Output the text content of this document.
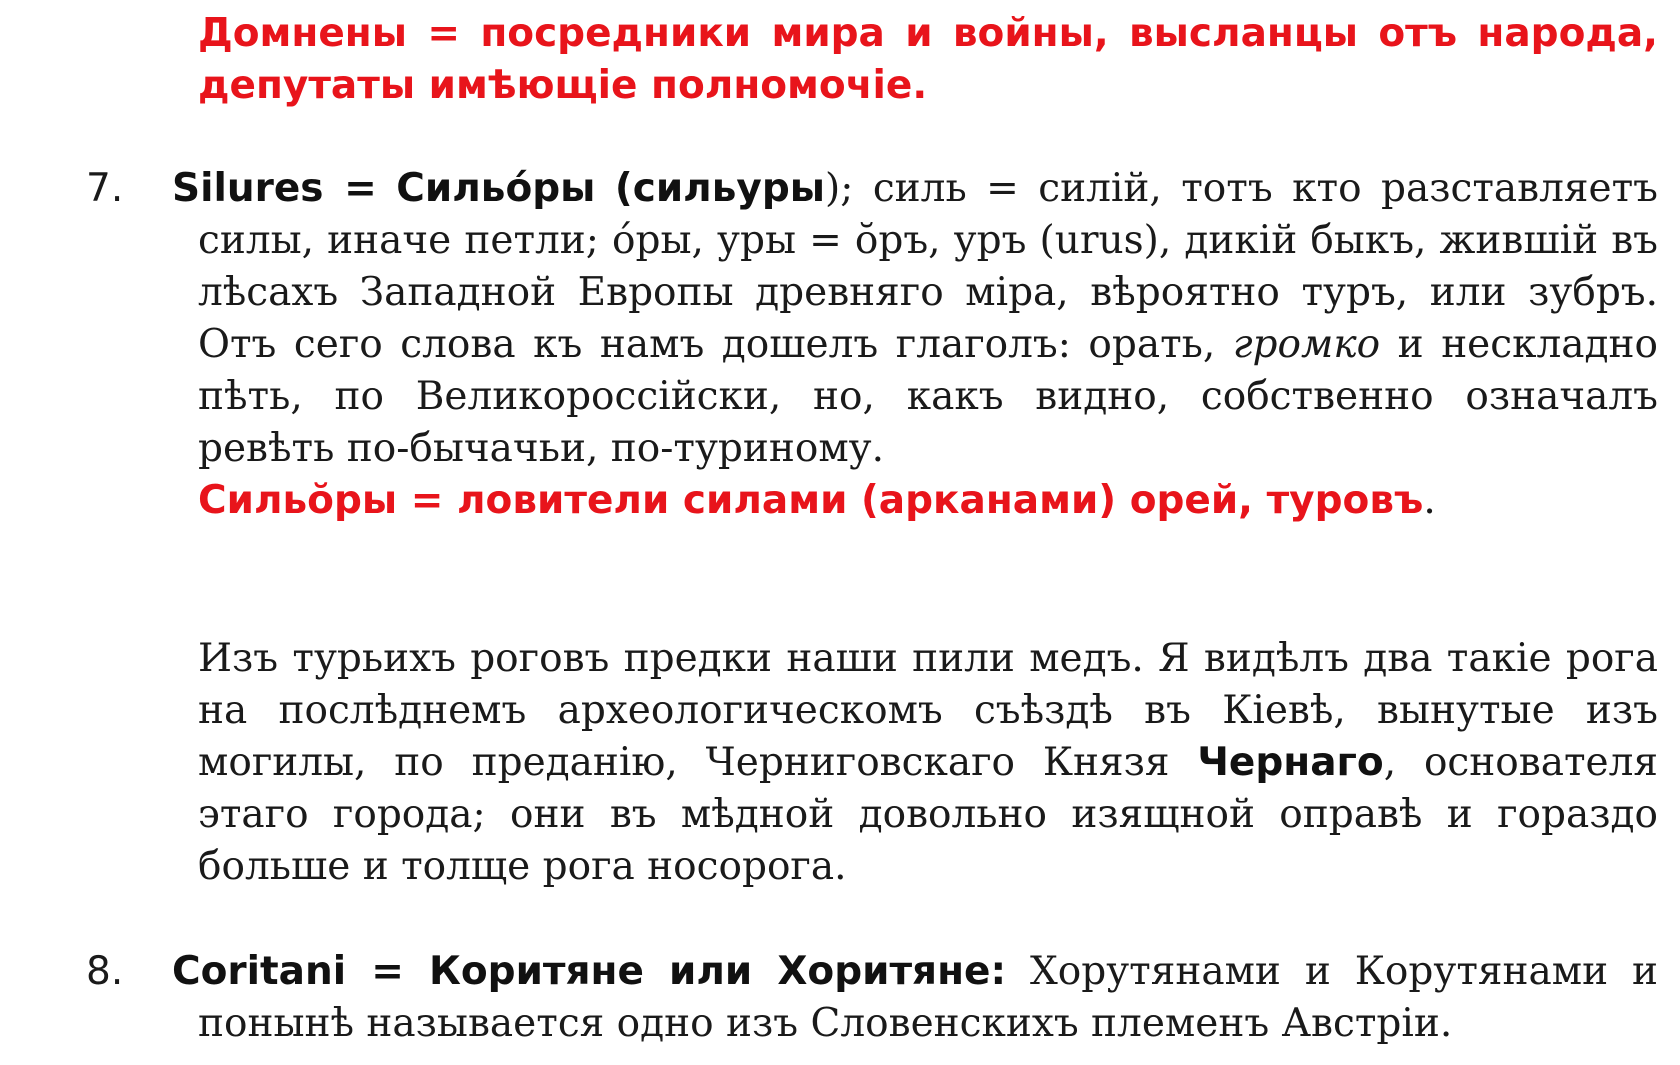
Домнены = посредники мира и войны, высланцы отъ народа, депутаты имѣющіе полномочіе.

7. Silures = Сильо́ры (сильуры); силь = силій, тотъ кто разставляетъ силы, иначе петли; о́ры, уры = о̆ръ, уръ (urus), дикій быкъ, жившій въ лѣсахъ Западной Европы древняго міра, вѣроятно туръ, или зубръ. Отъ сего слова къ намъ дошелъ глаголъ: орать, громко и нескладно пѣть, по Великороссійски, но, какъ видно, собственно означалъ ревѣть по-бычачьи, по-туриному.
Сильо̆ры = ловители силами (арканами) орей, туровъ.

Изъ турьихъ роговъ предки наши пили медъ. Я видѣлъ два такіе рога на послѣднемъ археологическомъ съѣздѣ въ Кіевѣ, вынутые изъ могилы, по преданію, Черниговскаго Князя Чернаго, основателя этаго города; они въ мѣдной довольно изящной оправѣ и гораздо больше и толще рога носорога.

8. Coritani = Коритяне или Хоритяне: Хорутянами и Корутянами и понынѣ называется одно изъ Словенскихъ племенъ Австріи.
